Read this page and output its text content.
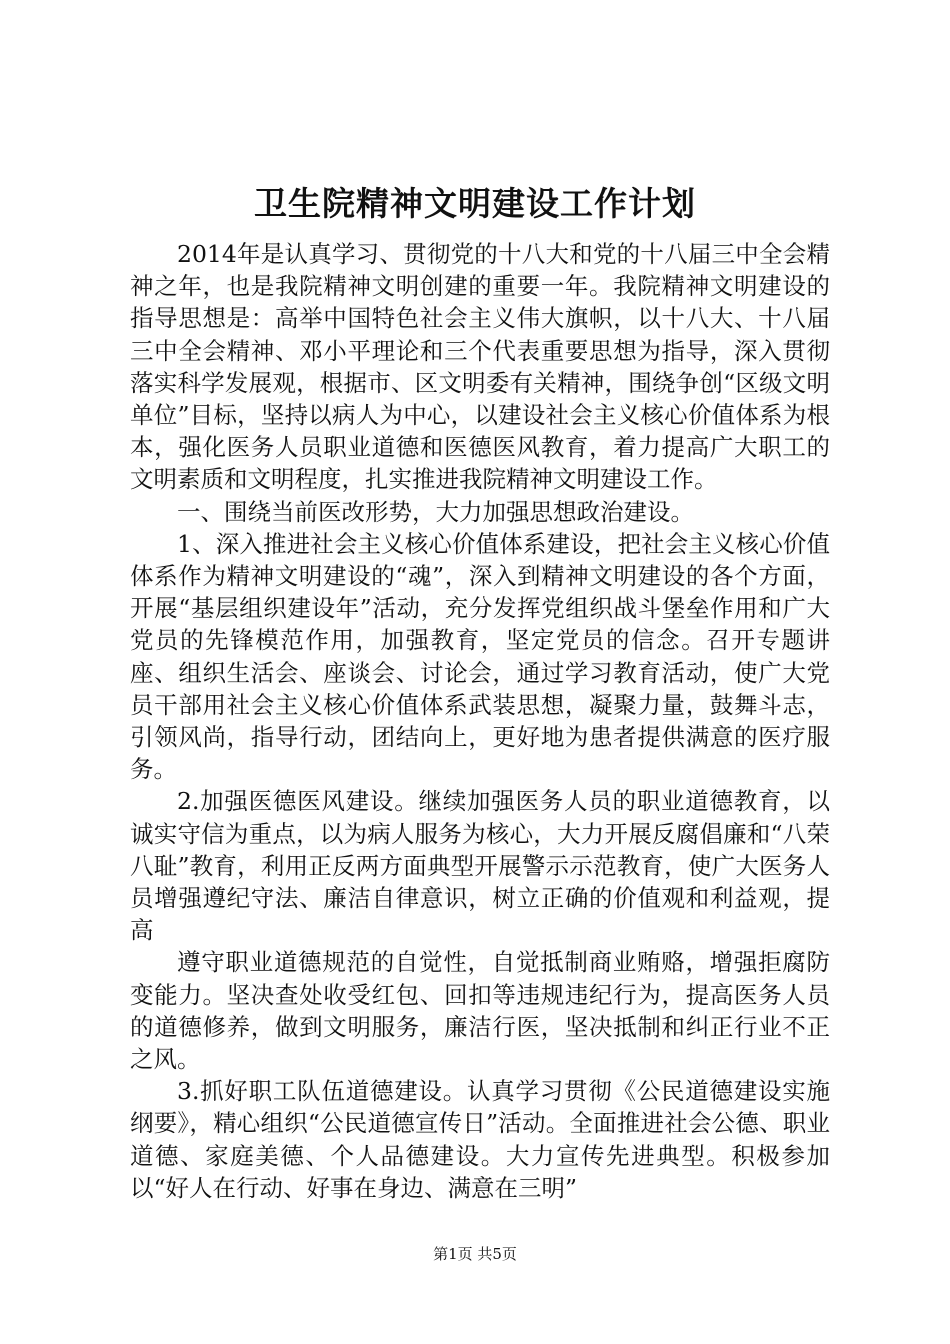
卫生院精神文明建设工作计划

2014年是认真学习、贯彻党的十八大和党的十八届三中全会精神之年，也是我院精神文明创建的重要一年。我院精神文明建设的指导思想是：高举中国特色社会主义伟大旗帜，以十八大、十八届三中全会精神、邓小平理论和三个代表重要思想为指导，深入贯彻落实科学发展观，根据市、区文明委有关精神，围绕争创“区级文明单位”目标，坚持以病人为中心，以建设社会主义核心价值体系为根本，强化医务人员职业道德和医德医风教育，着力提高广大职工的文明素质和文明程度，扎实推进我院精神文明建设工作。

一、围绕当前医改形势，大力加强思想政治建设。

1、深入推进社会主义核心价值体系建设，把社会主义核心价值体系作为精神文明建设的“魂”，深入到精神文明建设的各个方面，开展“基层组织建设年”活动，充分发挥党组织战斗堡垒作用和广大党员的先锋模范作用，加强教育，坚定党员的信念。召开专题讲座、组织生活会、座谈会、讨论会，通过学习教育活动，使广大党员干部用社会主义核心价值体系武装思想，凝聚力量，鼓舞斗志，引领风尚，指导行动，团结向上，更好地为患者提供满意的医疗服务。

2.加强医德医风建设。继续加强医务人员的职业道德教育，以诚实守信为重点，以为病人服务为核心，大力开展反腐倡廉和“八荣八耻”教育，利用正反两方面典型开展警示示范教育，使广大医务人员增强遵纪守法、廉洁自律意识，树立正确的价值观和利益观，提高

遵守职业道德规范的自觉性，自觉抵制商业贿赂，增强拒腐防变能力。坚决查处收受红包、回扣等违规违纪行为，提高医务人员的道德修养，做到文明服务，廉洁行医，坚决抵制和纠正行业不正之风。

3.抓好职工队伍道德建设。认真学习贯彻《公民道德建设实施纲要》，精心组织“公民道德宣传日”活动。全面推进社会公德、职业道德、家庭美德、个人品德建设。大力宣传先进典型。积极参加以“好人在行动、好事在身边、满意在三明”

第1页 共5页
